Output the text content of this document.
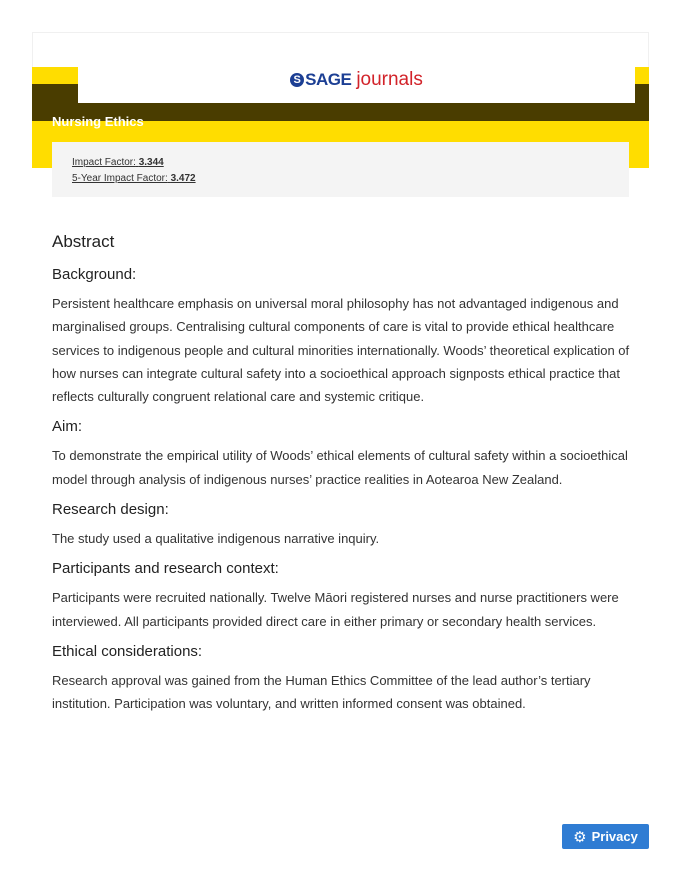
Nursing Ethics
S SAGE journals
Impact Factor: 3.344
5-Year Impact Factor: 3.472
Abstract
Background:

Persistent healthcare emphasis on universal moral philosophy has not advantaged indigenous and marginalised groups. Centralising cultural components of care is vital to provide ethical healthcare services to indigenous people and cultural minorities internationally. Woods’ theoretical explication of how nurses can integrate cultural safety into a socioethical approach signposts ethical practice that reflects culturally congruent relational care and systemic critique.

Aim:

To demonstrate the empirical utility of Woods’ ethical elements of cultural safety within a socioethical model through analysis of indigenous nurses’ practice realities in Aotearoa New Zealand.

Research design:

The study used a qualitative indigenous narrative inquiry.

Participants and research context:

Participants were recruited nationally. Twelve Māori registered nurses and nurse practitioners were interviewed. All participants provided direct care in either primary or secondary health services.

Ethical considerations:

Research approval was gained from the Human Ethics Committee of the lead author’s tertiary institution. Participation was voluntary, and written informed consent was obtained.

⚙ Privacy
